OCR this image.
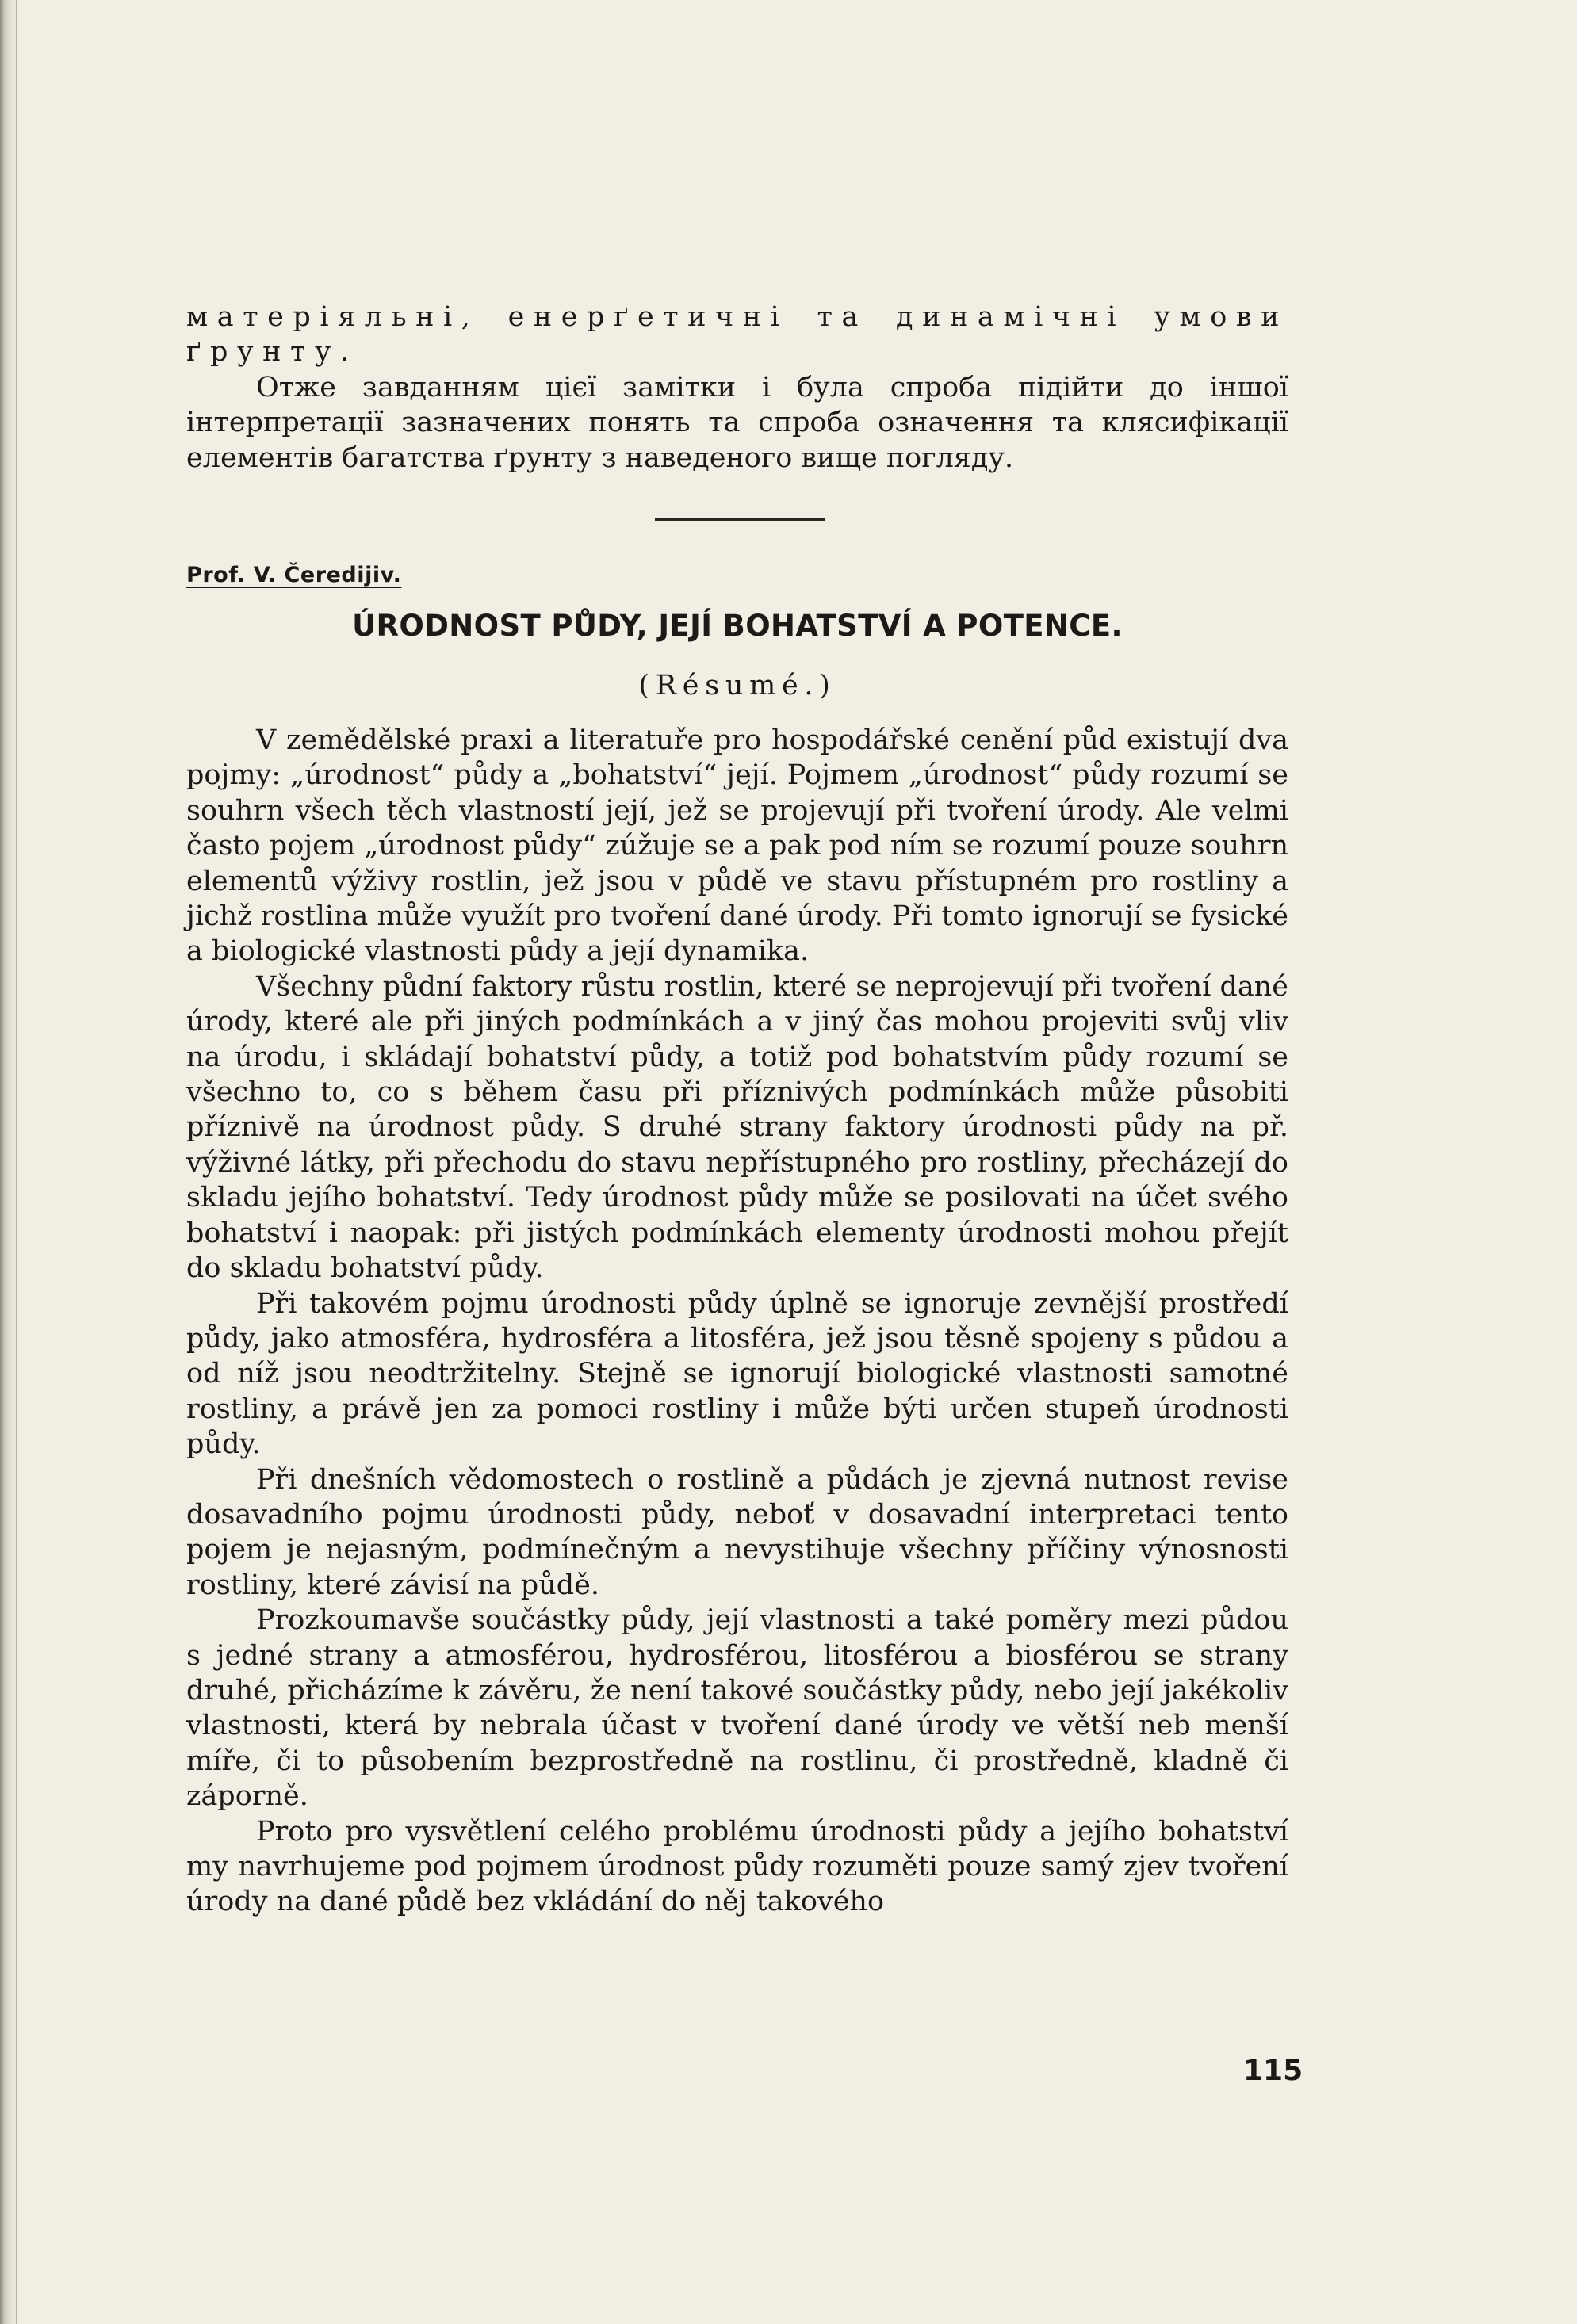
матеріяльні, енерґетичні та динамічні умови ґрунту.

Отже завданням цієї замітки і була спроба підійти до іншої інтерпретації зазначених понять та спроба означення та клясифікації елементів багатства ґрунту з наведеного вище погляду.

Prof. V. Čeredijiv.
ÚRODNOST PŮDY, JEJÍ BOHATSTVÍ A POTENCE.
(Résumé.)

V zemědělské praxi a literatuře pro hospodářské cenění půd existují dva pojmy: „úrodnost“ půdy a „bohatství“ její. Pojmem „úrodnost“ půdy rozumí se souhrn všech těch vlastností její, jež se projevují při tvoření úrody. Ale velmi často pojem „úrodnost půdy“ zúžuje se a pak pod ním se rozumí pouze souhrn elementů výživy rostlin, jež jsou v půdě ve stavu přístupném pro rostliny a jichž rostlina může využít pro tvoření dané úrody. Při tomto ignorují se fysické a biologické vlastnosti půdy a její dynamika.

Všechny půdní faktory růstu rostlin, které se neprojevují při tvoření dané úrody, které ale při jiných podmínkách a v jiný čas mohou projeviti svůj vliv na úrodu, i skládají bohatství půdy, a totiž pod bohatstvím půdy rozumí se všechno to, co s během času při příznivých podmínkách může působiti příznivě na úrodnost půdy. S druhé strany faktory úrodnosti půdy na př. výživné látky, při přechodu do stavu nepřístupného pro rostliny, přecházejí do skladu jejího bohatství. Tedy úrodnost půdy může se posilovati na účet svého bohatství i naopak: při jistých podmínkách elementy úrodnosti mohou přejít do skladu bohatství půdy.

Při takovém pojmu úrodnosti půdy úplně se ignoruje zevnější prostředí půdy, jako atmosféra, hydrosféra a litosféra, jež jsou těsně spojeny s půdou a od níž jsou neodtržitelny. Stejně se ignorují biologické vlastnosti samotné rostliny, a právě jen za pomoci rostliny i může býti určen stupeň úrodnosti půdy.

Při dnešních vědomostech o rostlině a půdách je zjevná nutnost revise dosavadního pojmu úrodnosti půdy, neboť v dosavadní interpretaci tento pojem je nejasným, podmínečným a nevystihuje všechny příčiny výnosnosti rostliny, které závisí na půdě.

Prozkoumavše součástky půdy, její vlastnosti a také poměry mezi půdou s jedné strany a atmosférou, hydrosférou, litosférou a biosférou se strany druhé, přicházíme k závěru, že není takové součástky půdy, nebo její jakékoliv vlastnosti, která by nebrala účast v tvoření dané úrody ve větší neb menší míře, či to působením bezprostředně na rostlinu, či prostředně, kladně či záporně.

Proto pro vysvětlení celého problému úrodnosti půdy a jejího bohatství my navrhujeme pod pojmem úrodnost půdy rozuměti pouze samý zjev tvoření úrody na dané půdě bez vkládání do něj takového

115
